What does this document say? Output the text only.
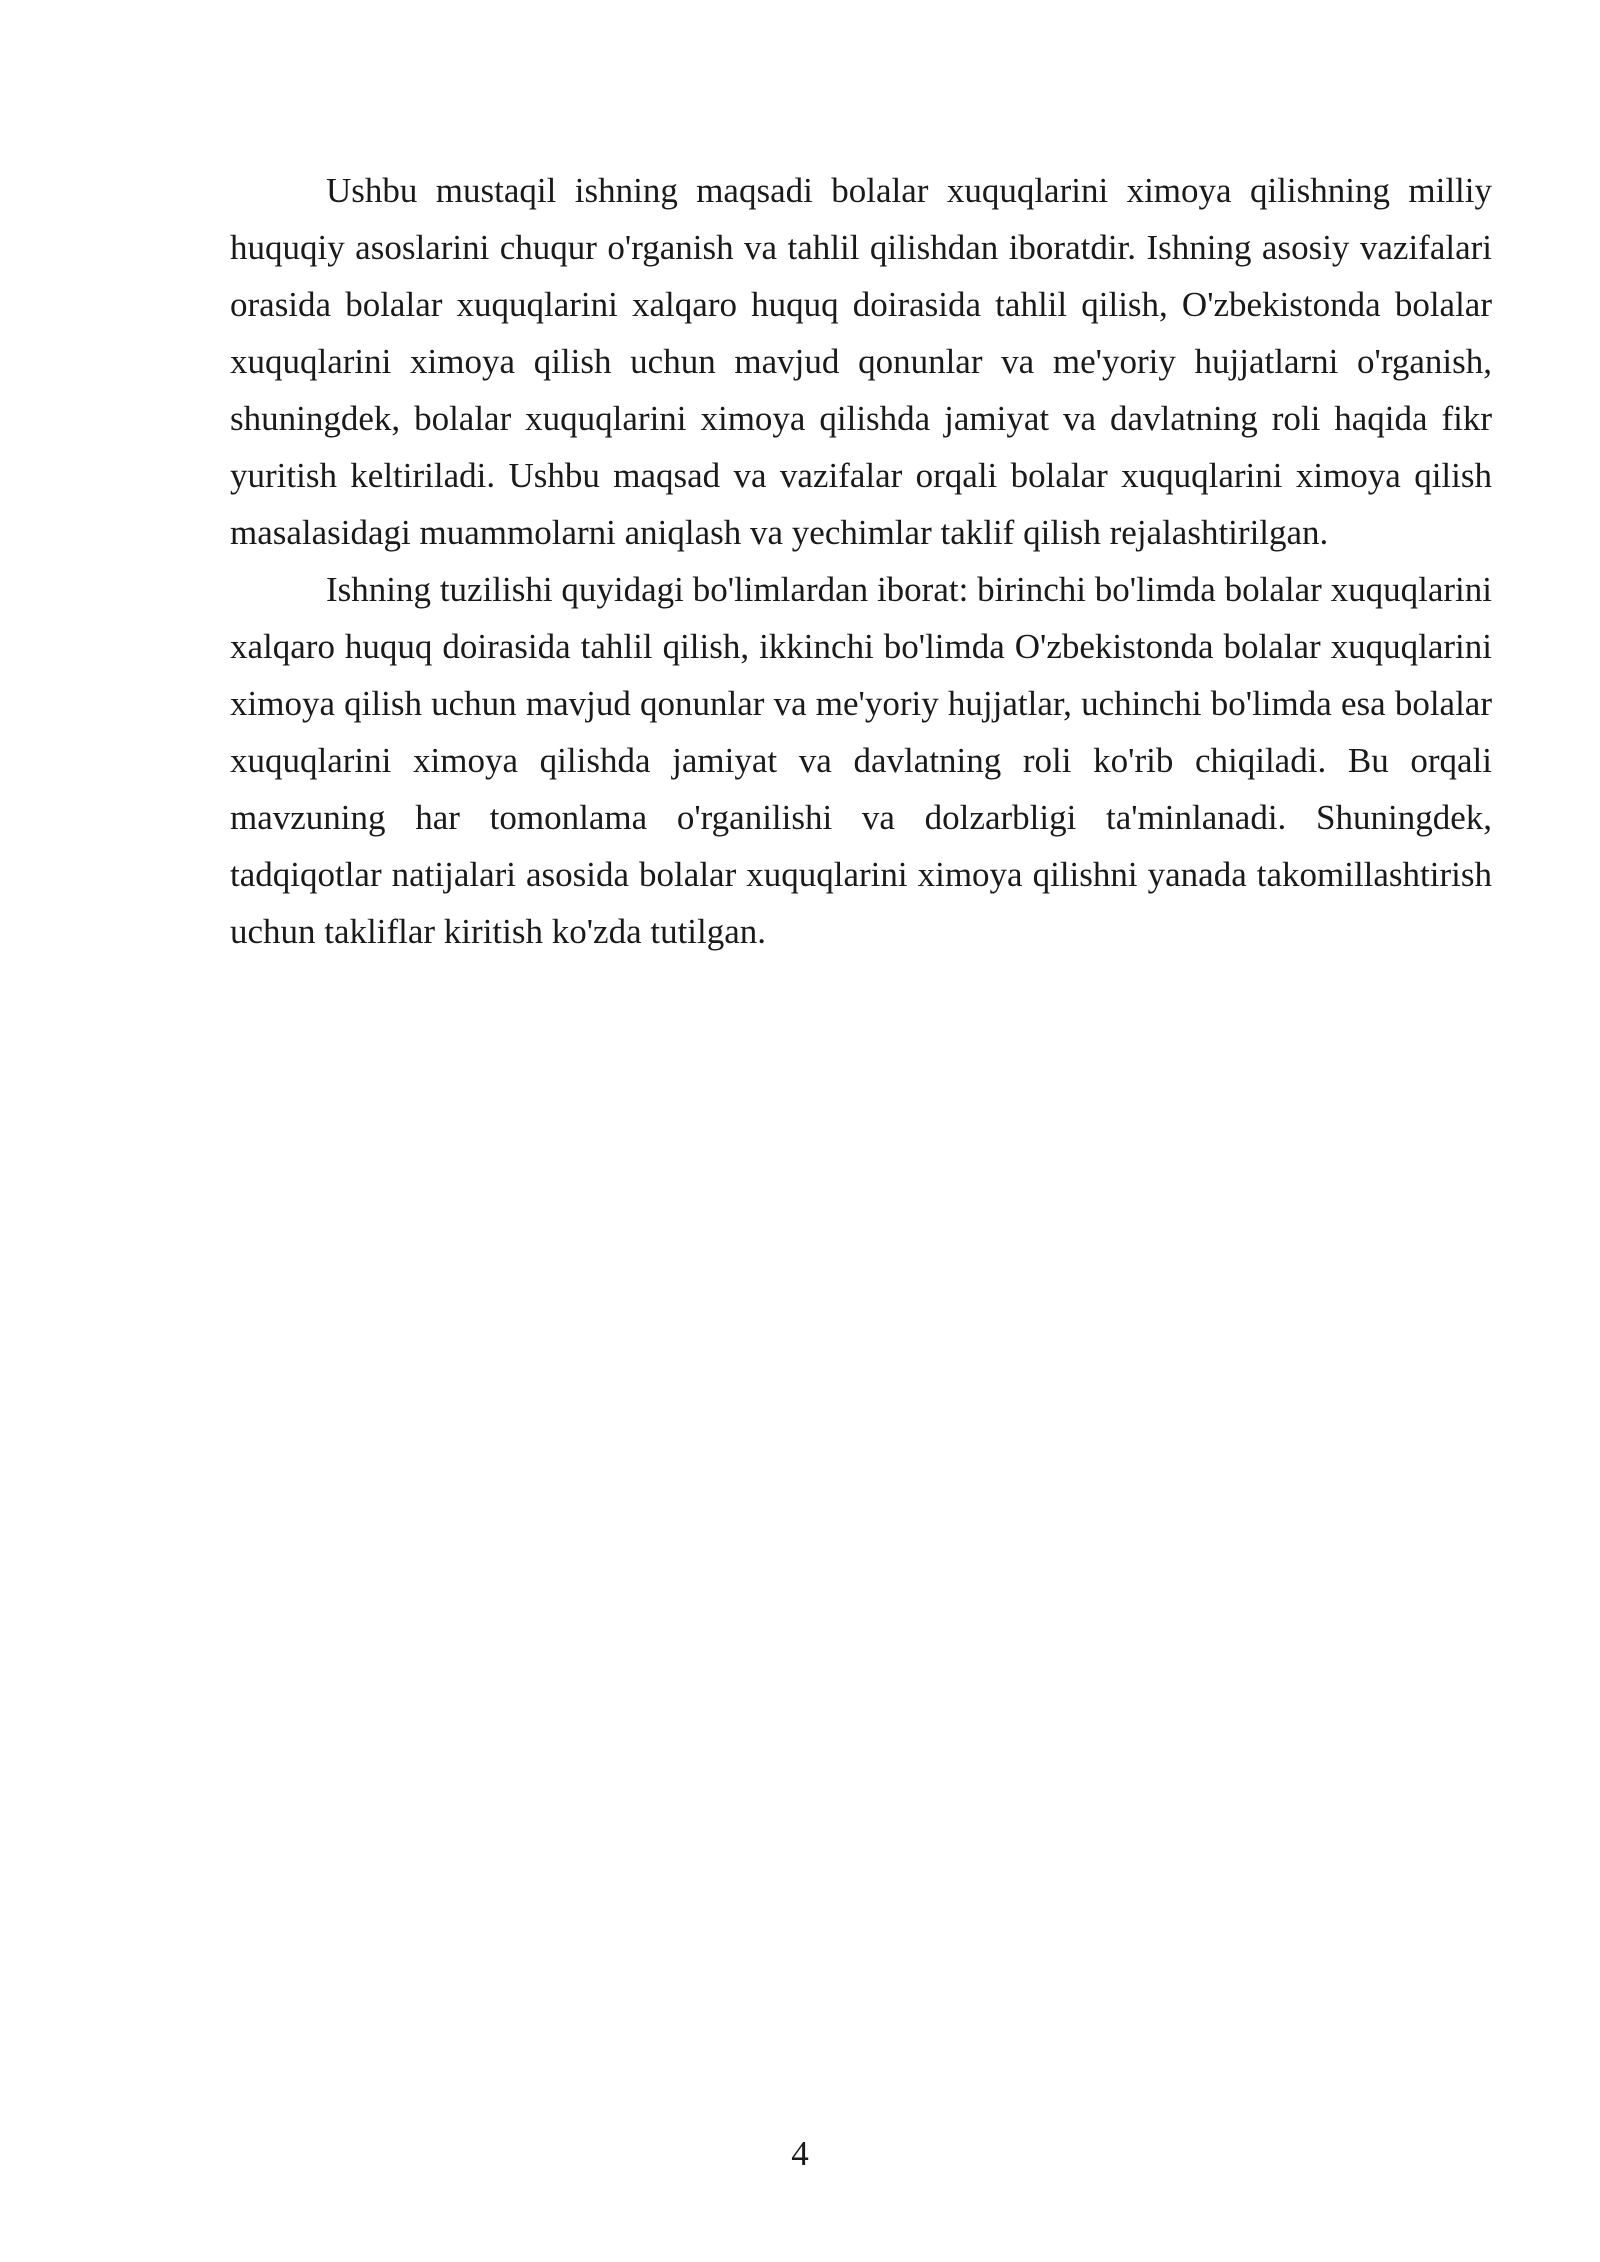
Ushbu mustaqil ishning maqsadi bolalar xuquqlarini ximoya qilishning milliy huquqiy asoslarini chuqur o'rganish va tahlil qilishdan iboratdir. Ishning asosiy vazifalari orasida bolalar xuquqlarini xalqaro huquq doirasida tahlil qilish, O'zbekistonda bolalar xuquqlarini ximoya qilish uchun mavjud qonunlar va me'yoriy hujjatlarni o'rganish, shuningdek, bolalar xuquqlarini ximoya qilishda jamiyat va davlatning roli haqida fikr yuritish keltiriladi. Ushbu maqsad va vazifalar orqali bolalar xuquqlarini ximoya qilish masalasidagi muammolarni aniqlash va yechimlar taklif qilish rejalashtirilgan.

Ishning tuzilishi quyidagi bo'limlardan iborat: birinchi bo'limda bolalar xuquqlarini xalqaro huquq doirasida tahlil qilish, ikkinchi bo'limda O'zbekistonda bolalar xuquqlarini ximoya qilish uchun mavjud qonunlar va me'yoriy hujjatlar, uchinchi bo'limda esa bolalar xuquqlarini ximoya qilishda jamiyat va davlatning roli ko'rib chiqiladi. Bu orqali mavzuning har tomonlama o'rganilishi va dolzarbligi ta'minlanadi. Shuningdek, tadqiqotlar natijalari asosida bolalar xuquqlarini ximoya qilishni yanada takomillashtirish uchun takliflar kiritish ko'zda tutilgan.

4
